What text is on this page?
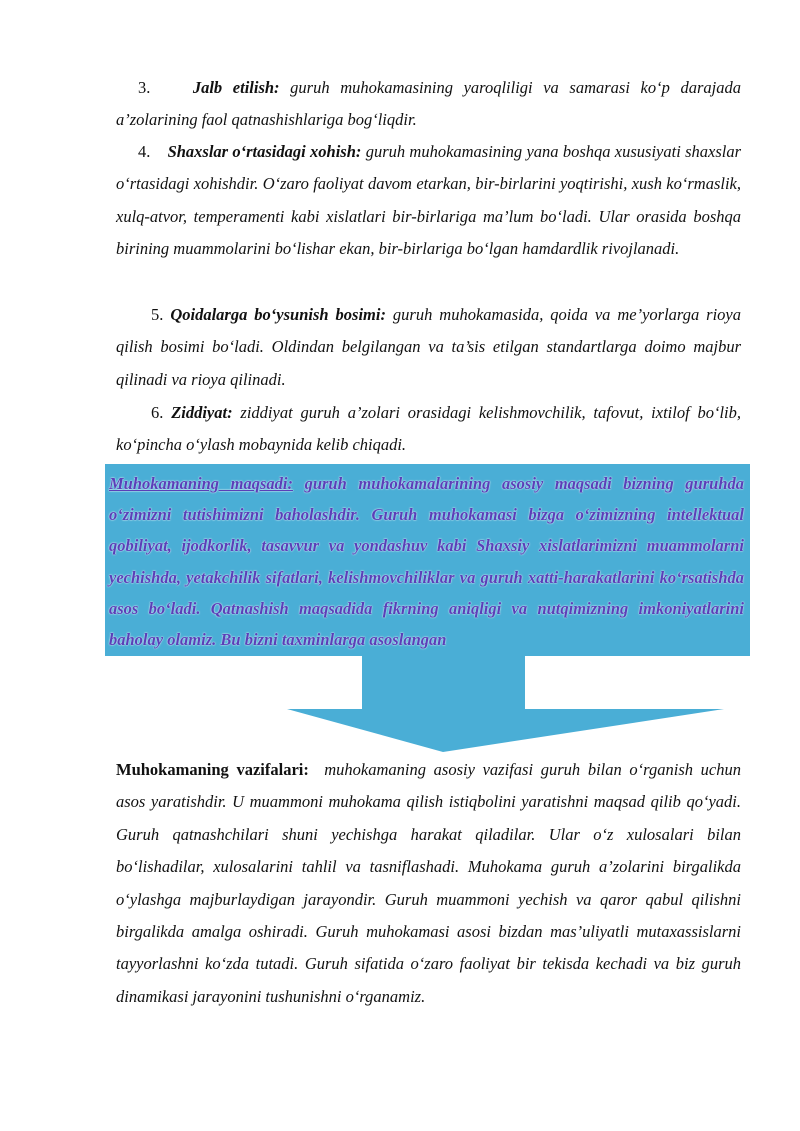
3.	Jalb etilish: guruh muhokamasining yaroqliligi va samarasi ko‘p darajada a’zolarining faol qatnashishlariga bog‘liqdir.

4. Shaxslar o‘rtasidagi xohish: guruh muhokamasining yana boshqa xususiyati shaxslar o‘rtasidagi xohishdir. O‘zaro faoliyat davom etarkan, bir-birlarini yoqtirishi, xush ko‘rmaslik, xulq-atvor, temperamenti kabi xislatlari bir-birlariga ma’lum bo‘ladi. Ular orasida boshqa birining muammolarini bo‘lishar ekan, bir-birlariga bo‘lgan hamdardlik rivojlanadi.

5. Qoidalarga bo‘ysunish bosimi: guruh muhokamasida, qoida va me’yorlarga rioya qilish bosimi bo‘ladi. Oldindan belgilangan va ta’sis etilgan standartlarga doimo majbur qilinadi va rioya qilinadi.

6. Ziddiyat: ziddiyat guruh a’zolari orasidagi kelishmovchilik, tafovut, ixtilof bo‘lib, ko‘pincha o‘ylash mobaynida kelib chiqadi.

Muhokamaning maqsadi: guruh muhokamalarining asosiy maqsadi bizning guruhda o‘zimizni tutishimizni baholashdir. Guruh muhokamasi bizga o‘zimizning intellektual qobiliyat, ijodkorlik, tasavvur va yondashuv kabi Shaxsiy xislatlarimizni muammolarni yechishda, yetakchilik sifatlari, kelishmovchiliklar va guruh xatti-harakatlarini ko‘rsatishda asos bo‘ladi. Qatnashish maqsadida fikrning aniqligi va nutqimizning imkoniyatlarini baholay olamiz. Bu bizni taxminlarga asoslangan

Muhokamaning vazifalari: muhokamaning asosiy vazifasi guruh bilan o‘rganish uchun asos yaratishdir. U muammoni muhokama qilish istiqbolini yaratishni maqsad qilib qo‘yadi. Guruh qatnashchilari shuni yechishga harakat qiladilar. Ular o‘z xulosalari bilan bo‘lishadilar, xulosalarini tahlil va tasniflashadi. Muhokama guruh a’zolarini birgalikda o‘ylashga majburlaydigan jarayondir. Guruh muammoni yechish va qaror qabul qilishni birgalikda amalga oshiradi. Guruh muhokamasi asosi bizdan mas’uliyatli mutaxassislarni tayyorlashni ko‘zda tutadi. Guruh sifatida o‘zaro faoliyat bir tekisda kechadi va biz guruh dinamikasi jarayonini tushunishni o‘rganamiz.
